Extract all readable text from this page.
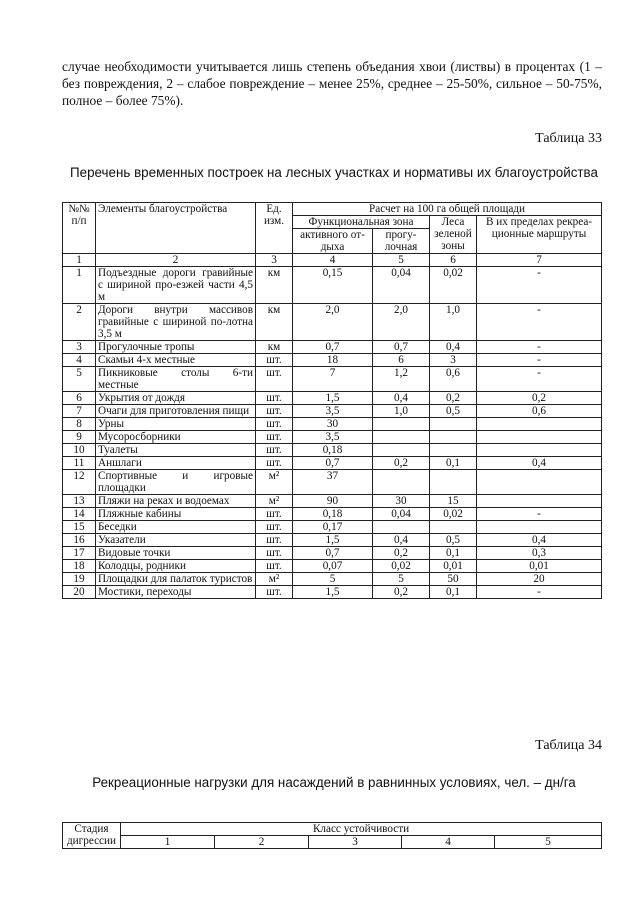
случае необходимости учитывается лишь степень объедания хвои (листвы) в процентах (1 – без повреждения, 2 – слабое повреждение – менее 25%, среднее – 25-50%, сильное – 50-75%, полное – более 75%).

Таблица 33

Перечень временных построек на лесных участках и нормативы их благоустройства

№№ п/п	Элементы благоустройства	Ед. изм.	Расчет на 100 га общей площади			
			Функциональная зона		Леса зеленой зоны	В их пределах рекреа-ционные маршруты
			активного от-дыха	прогу-лочная		
1	2	3	4	5	6	7
1	Подъездные дороги гравийные с шириной про-езжей части 4,5 м	км	0,15	0,04	0,02	-
2	Дороги внутри массивов гравийные с шириной по-лотна 3,5 м	км	2,0	2,0	1,0	-
3	Прогулочные тропы	км	0,7	0,7	0,4	-
4	Скамьи 4-х местные	шт.	18	6	3	-
5	Пикниковые столы 6-ти местные	шт.	7	1,2	0,6	-
6	Укрытия от дождя	шт.	1,5	0,4	0,2	0,2
7	Очаги для приготовления пищи	шт.	3,5	1,0	0,5	0,6
8	Урны	шт.	30			
9	Мусоросборники	шт.	3,5			
10	Туалеты	шт.	0,18			
11	Аншлаги	шт.	0,7	0,2	0,1	0,4
12	Спортивные и игровые площадки	м²	37			
13	Пляжи на реках и водоемах	м²	90	30	15	
14	Пляжные кабины	шт.	0,18	0,04	0,02	-
15	Беседки	шт.	0,17			
16	Указатели	шт.	1,5	0,4	0,5	0,4
17	Видовые точки	шт.	0,7	0,2	0,1	0,3
18	Колодцы, родники	шт.	0,07	0,02	0,01	0,01
19	Площадки для палаток туристов	м²	5	5	50	20
20	Мостики, переходы	шт.	1,5	0,2	0,1	-

Таблица 34

Рекреационные нагрузки для насаждений в равнинных условиях, чел. – дн/га

Стадия дигрессии	Класс устойчивости				
	1	2	3	4	5
